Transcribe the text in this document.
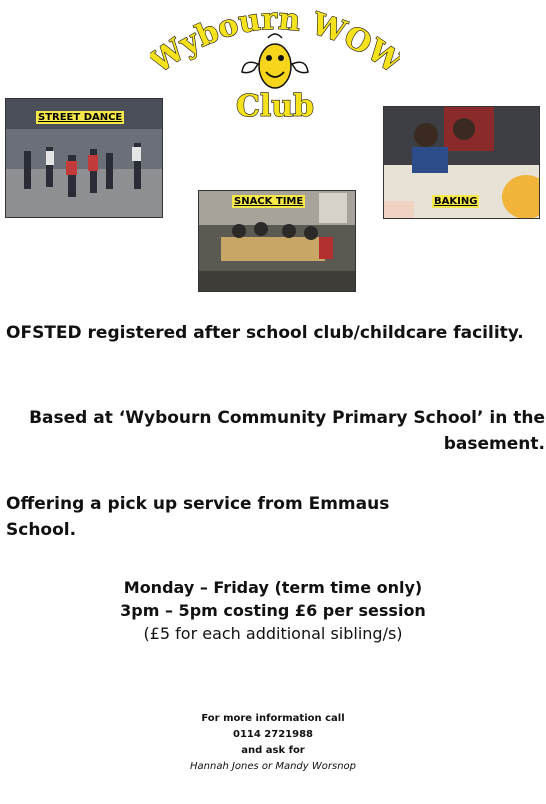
ybourn WO
Club
STREET DANCE
SNACK TIME	BAKING

OFSTED registered after school club/childcare facility.

Based at ‘Wybourn Community Primary School’ in the basement.

Offering a pick up service from Emmaus School.

Monday – Friday (term time only)
3pm – 5pm costing £6 per session
(£5 for each additional sibling/s)
For more information call
0114 2721988
and ask for
Hannah Jones or Mandy Worsnop
